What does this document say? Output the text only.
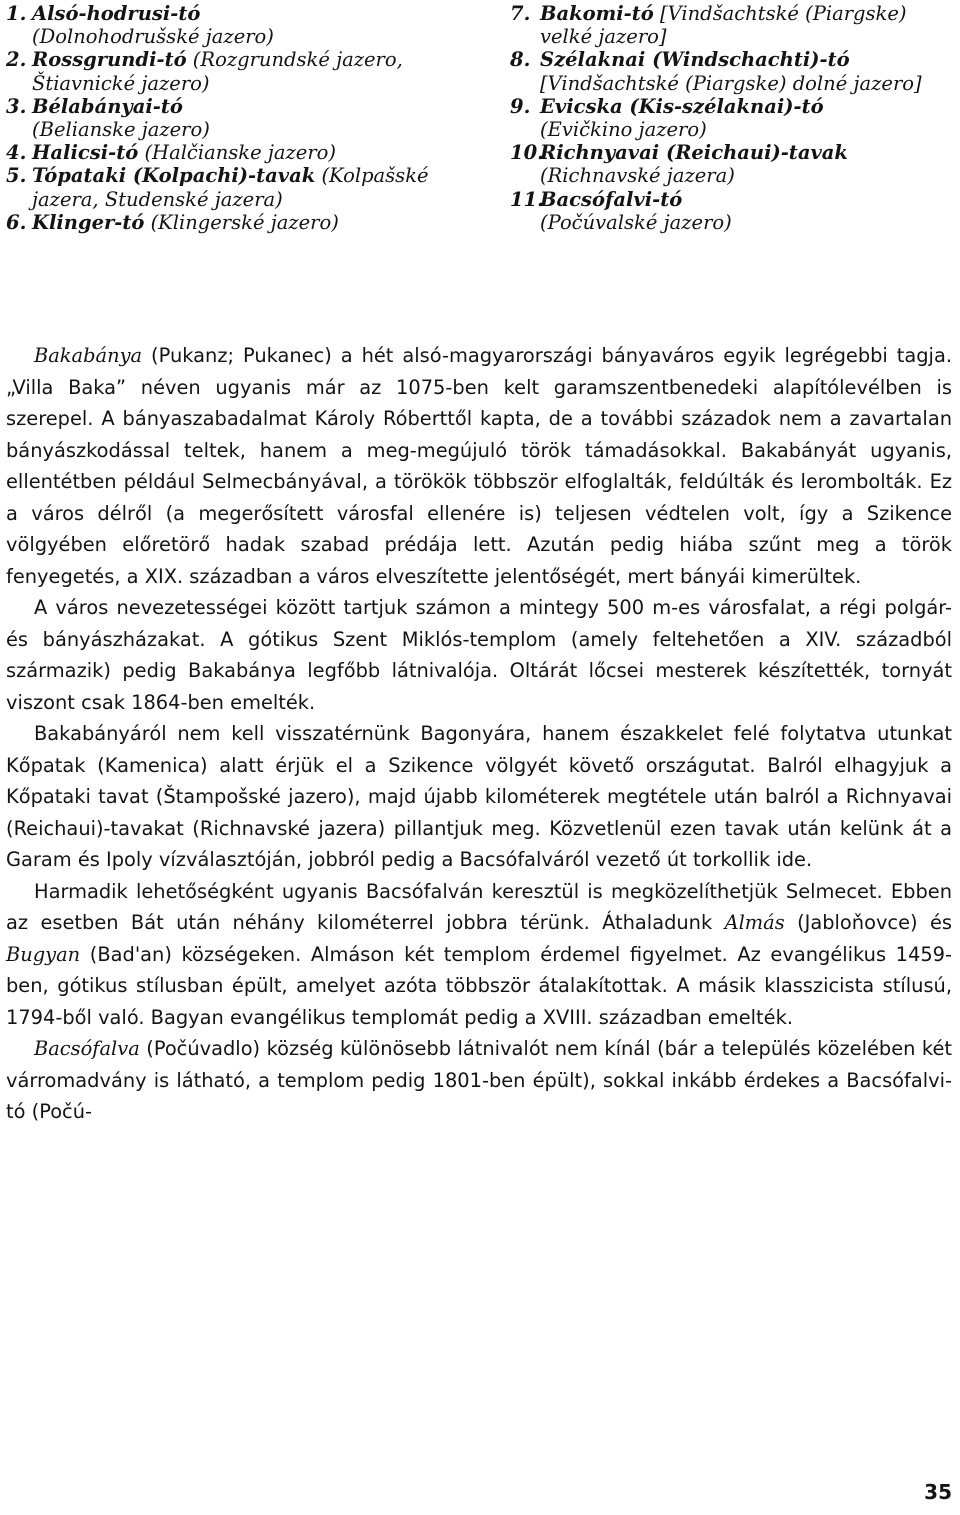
1. Alsó-hodrusi-tó
(Dolnohodrušské jazero)

2. Rossgrundi-tó (Rozgrundské jazero, Štiavnické jazero)

3. Bélabányai-tó
(Belianske jazero)

4. Halicsi-tó (Halčianske jazero)

5. Tópataki (Kolpachi)-tavak (Kolpašské jazera, Studenské jazera)

6. Klinger-tó (Klingerské jazero)

7. Bakomi-tó [Vindšachtské (Piargske) velké jazero]

8. Szélaknai (Windschachti)-tó [Vindšachtské (Piargske) dolné jazero]

9. Evicska (Kis-szélaknai)-tó
(Evičkino jazero)

10.Richnyavai (Reichaui)-tavak
(Richnavské jazera)

11.Bacsófalvi-tó
(Počúvalské jazero)

Bakabánya (Pukanz; Pukanec) a hét alsó-magyarországi bányaváros egyik legrégebbi tagja. „Villa Baka” néven ugyanis már az 1075-ben kelt garamszentbenedeki alapítólevélben is szerepel. A bányaszabadalmat Károly Róberttől kapta, de a további századok nem a zavartalan bányászkodással teltek, hanem a meg-megújuló török támadásokkal. Bakabányát ugyanis, ellentétben például Selmecbányával, a törökök többször elfoglalták, feldúlták és lerombolták. Ez a város délről (a megerősített városfal ellenére is) teljesen védtelen volt, így a Szikence völgyében előretörő hadak szabad prédája lett. Azután pedig hiába szűnt meg a török fenyegetés, a XIX. században a város elveszítette jelentőségét, mert bányái kimerültek.

A város nevezetességei között tartjuk számon a mintegy 500 m-es városfalat, a régi polgár- és bányászházakat. A gótikus Szent Miklós-templom (amely feltehetően a XIV. századból származik) pedig Bakabánya legfőbb látnivalója. Oltárát lőcsei mesterek készítették, tornyát viszont csak 1864-ben emelték.

Bakabányáról nem kell visszatérnünk Bagonyára, hanem északkelet felé folytatva utunkat Kőpatak (Kamenica) alatt érjük el a Szikence völgyét követő országutat. Balról elhagyjuk a Kőpataki tavat (Štampošské jazero), majd újabb kilométerek megtétele után balról a Richnyavai (Reichaui)-tavakat (Richnavské jazera) pillantjuk meg. Közvetlenül ezen tavak után kelünk át a Garam és Ipoly vízválasztóján, jobbról pedig a Bacsófalváról vezető út torkollik ide.

Harmadik lehetőségként ugyanis Bacsófalván keresztül is megközelíthetjük Selmecet. Ebben az esetben Bát után néhány kilométerrel jobbra térünk. Áthaladunk Almás (Jabloňovce) és Bugyan (Bad'an) községeken. Almáson két templom érdemel figyelmet. Az evangélikus 1459-ben, gótikus stílusban épült, amelyet azóta többször átalakítottak. A másik klasszicista stílusú, 1794-ből való. Bagyan evangélikus templomát pedig a XVIII. században emelték.

Bacsófalva (Počúvadlo) község különösebb látnivalót nem kínál (bár a település közelében két várromadvány is látható, a templom pedig 1801-ben épült), sokkal inkább érdekes a Bacsófalvi-tó (Počú-

35
